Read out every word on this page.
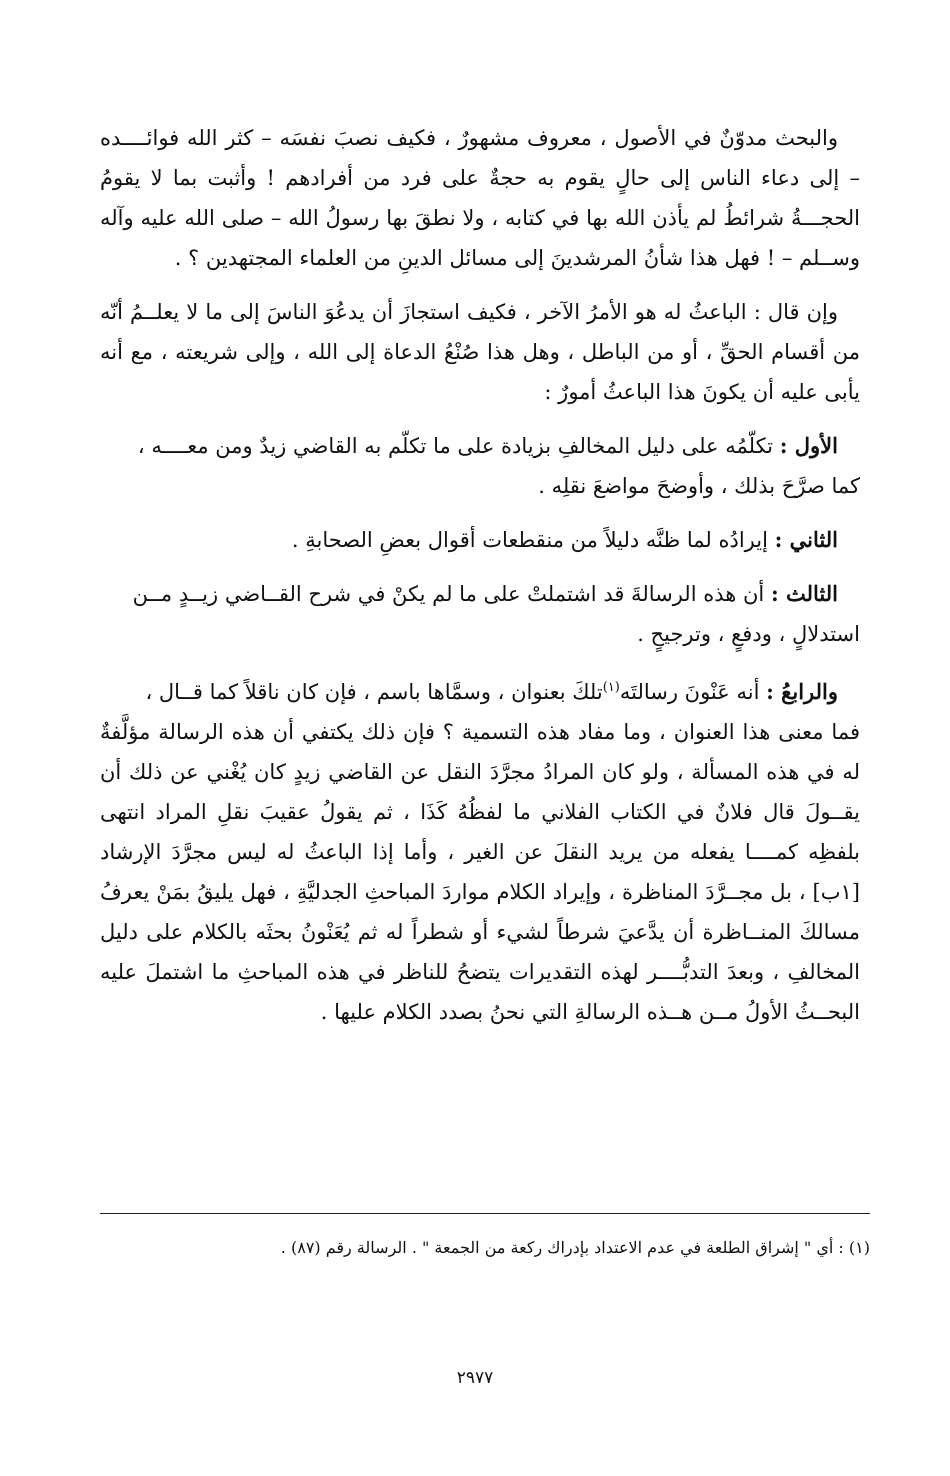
والبحث مدوّنٌ في الأصول ، معروف مشهورٌ ، فكيف نصبَ نفسَه – كثر الله فوائــــده – إلى دعاء الناس إلى حالٍ يقوم به حجةٌ على فرد من أفرادهم ! وأثبت بما لا يقومُ الحجـــةُ شرائطُ لم يأذن الله بها في كتابه ، ولا نطقَ بها رسولُ الله – صلى الله عليه وآله وســلم – ! فهل هذا شأنُ المرشدينَ إلى مسائل الدينِ من العلماء المجتهدين ؟ .

وإن قال : الباعثُ له هو الأمرُ الآخر ، فكيف استجازَ أن يدعُوَ الناسَ إلى ما لا يعلــمُ أنّه من أقسام الحقِّ ، أو من الباطل ، وهل هذا صُنْعُ الدعاة إلى الله ، وإلى شريعته ، مع أنه يأبى عليه أن يكونَ هذا الباعثُ أمورٌ :

الأول : تكلّمُه على دليل المخالفِ بزيادة على ما تكلّم به القاضي زيدٌ ومن معــــه ،

كما صرَّحَ بذلك ، وأوضحَ مواضعَ نقلِه .

الثاني : إيرادُه لما ظنَّه دليلاً من منقطعات أقوال بعضِ الصحابةِ .

الثالث : أن هذه الرسالةَ قد اشتملتْ على ما لم يكنْ في شرح القــاضي زيــدٍ مــن

استدلالٍ ، ودفعٍ ، وترجيحٍ .

والرابعُ : أنه عَنْونَ رسالتَه$^{(١)}$تلكَ بعنوان ، وسمَّاها باسم ، فإن كان ناقلاً كما قــال ،

فما معنى هذا العنوان ، وما مفاد هذه التسمية ؟ فإن ذلك يكتفي أن هذه الرسالة مؤلَّفةٌ له في هذه المسألة ، ولو كان المرادُ مجرَّدَ النقل عن القاضي زيدٍ كان يُغْني عن ذلك أن يقــولَ قال فلانٌ في الكتاب الفلاني ما لفظُهُ كَذَا ، ثم يقولُ عقيبَ نقلِ المراد انتهى بلفظِه كمــــا يفعله من يريد النقلَ عن الغير ، وأما إذا الباعثُ له ليس مجرَّدَ الإرشاد [١ب] ، بل مجــرَّدَ المناظرة ، وإيراد الكلام مواردَ المباحثِ الجدليَّةِ ، فهل يليقُ بمَنْ يعرفُ مسالكَ المنــاظرة أن يدَّعيَ شرطاً لشيء أو شطراً له ثم يُعَنْونُ بحثَه بالكلام على دليل المخالفِ ، وبعدَ التدبُّــــر لهذه التقديرات يتضحُ للناظر في هذه المباحثِ ما اشتملَ عليه البحــثُ الأولُ مــن هــذه الرسالةِ التي نحنُ بصدد الكلام عليها .

(١) : أي " إشراق الطلعة في عدم الاعتداد بإدراك ركعة من الجمعة " . الرسالة رقم (٨٧) .
٢٩٧٧
